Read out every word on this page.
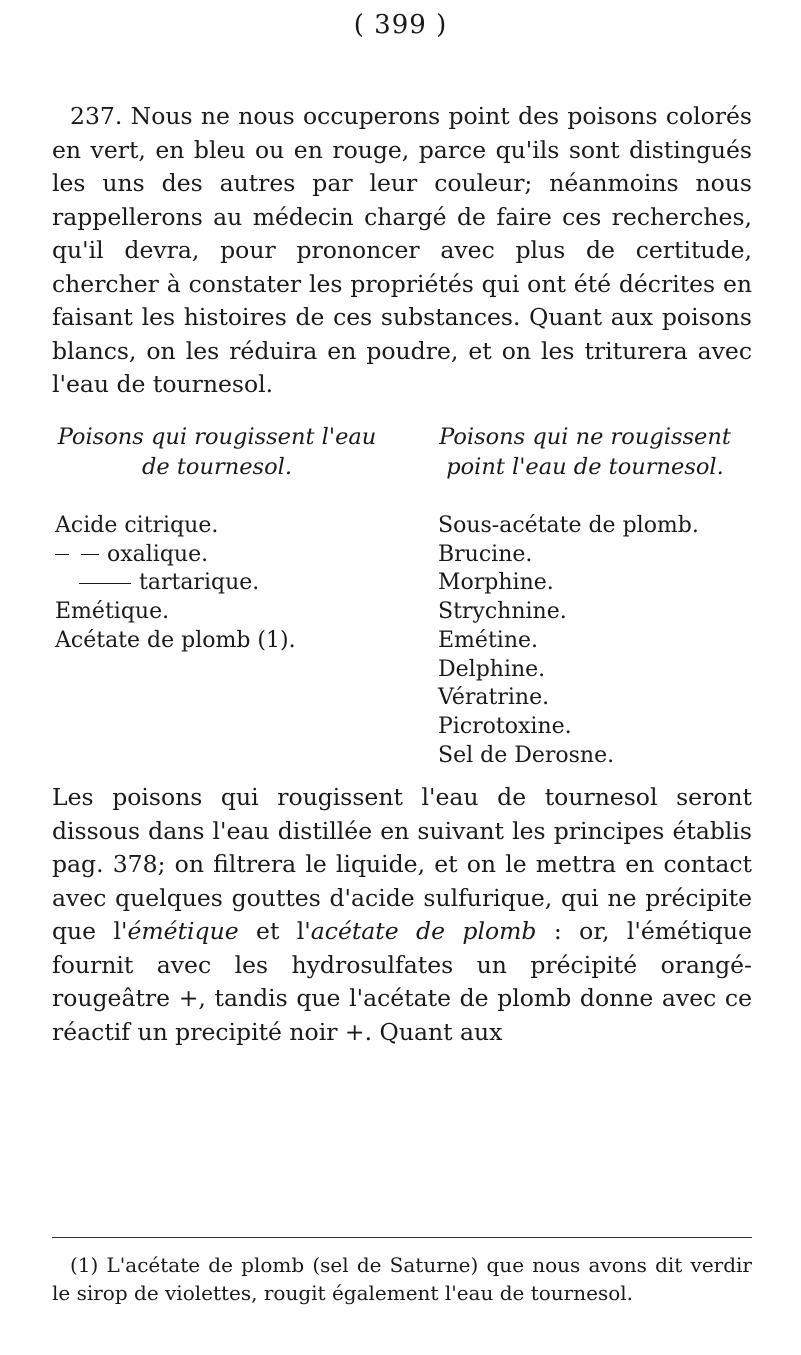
( 399 )
237. Nous ne nous occuperons point des poisons colorés en vert, en bleu ou en rouge, parce qu'ils sont distingués les uns des autres par leur couleur; néanmoins nous rappellerons au médecin chargé de faire ces recherches, qu'il devra, pour prononcer avec plus de certitude, chercher à constater les propriétés qui ont été décrites en faisant les histoires de ces substances. Quant aux poisons blancs, on les réduira en poudre, et on les triturera avec l'eau de tournesol.
Poisons qui rougissent l'eau
de tournesol.
Poisons qui ne rougissent
point l'eau de tournesol.
Acide citrique.
oxalique.
tartarique.
Emétique.
Acétate de plomb (1).
Sous-acétate de plomb.
Brucine.
Morphine.
Strychnine.
Emétine.
Delphine.
Vératrine.
Picrotoxine.
Sel de Derosne.
Les poisons qui rougissent l'eau de tournesol seront dissous dans l'eau distillée en suivant les principes établis pag. 378; on filtrera le liquide, et on le mettra en contact avec quelques gouttes d'acide sulfurique, qui ne précipite que l'émétique et l'acétate de plomb : or, l'émétique fournit avec les hydrosulfates un précipité orangé-rougeâtre +, tandis que l'acétate de plomb donne avec ce réactif un precipité noir +. Quant aux
(1) L'acétate de plomb (sel de Saturne) que nous avons dit verdir le sirop de violettes, rougit également l'eau de tournesol.
